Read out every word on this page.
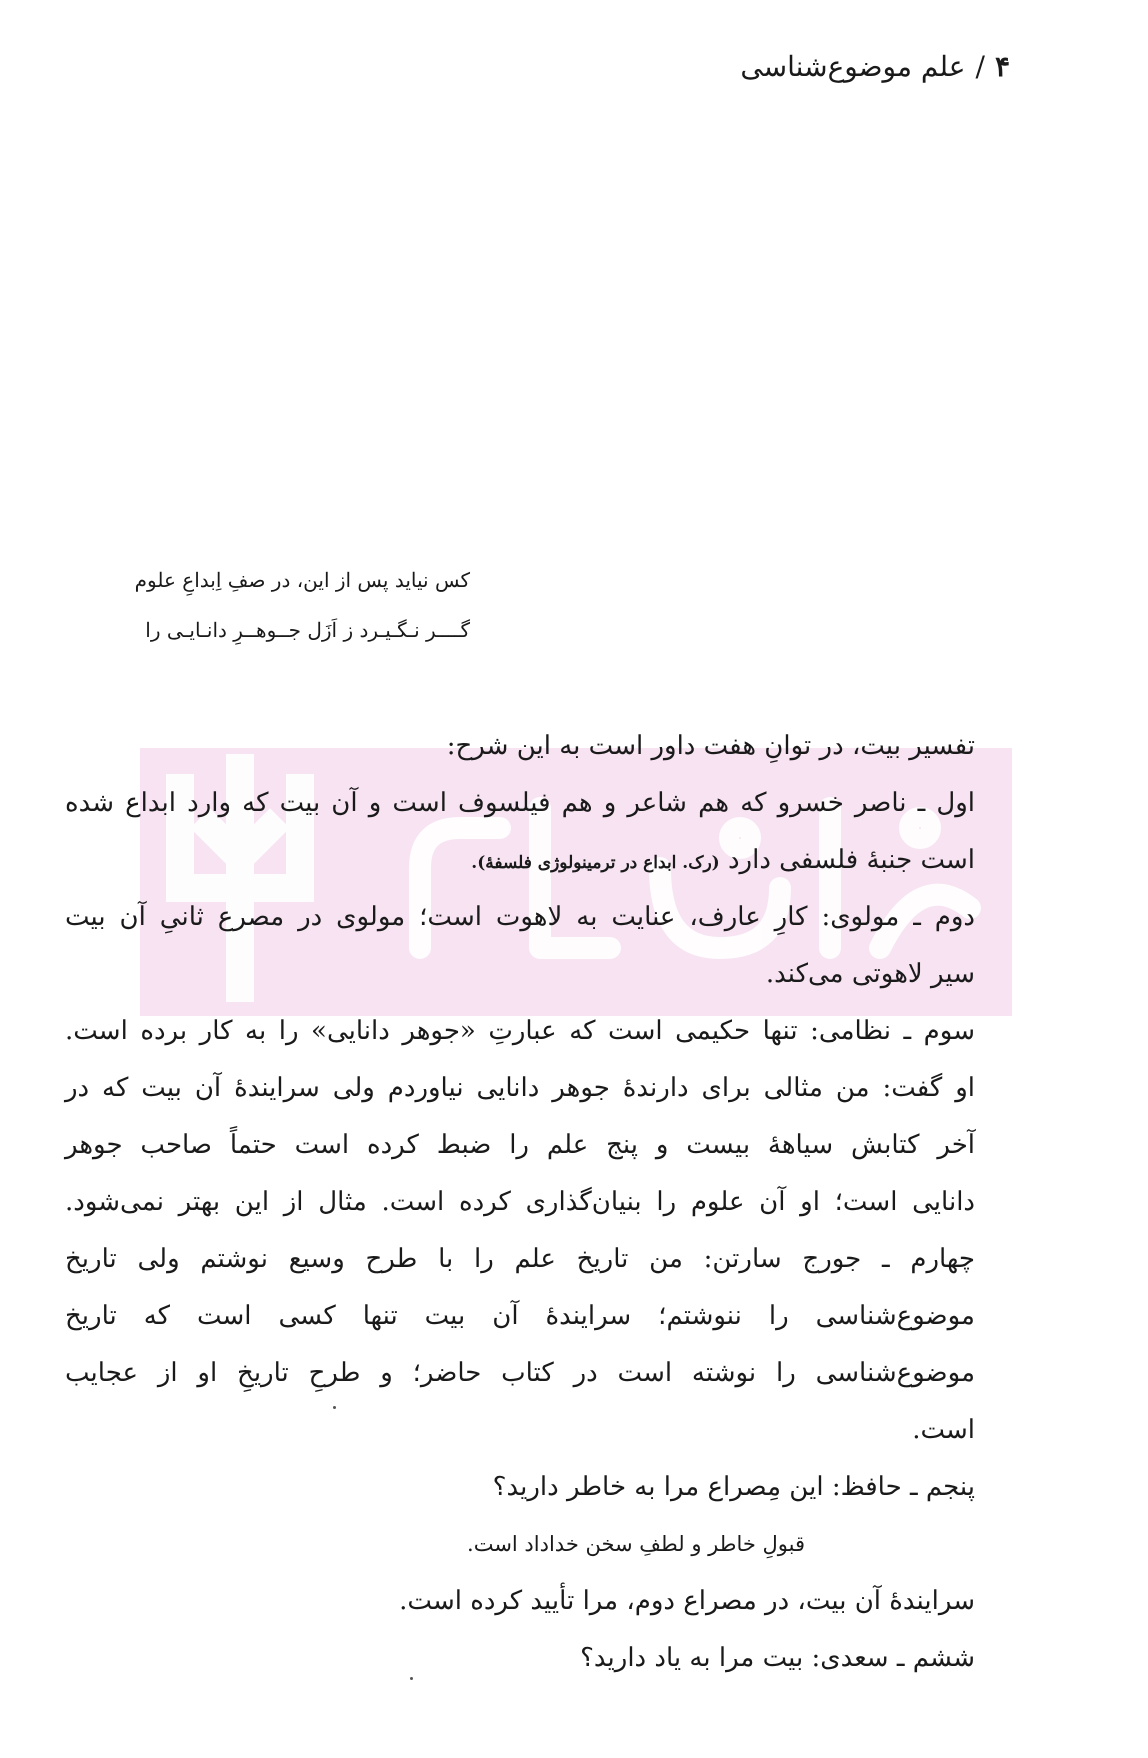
۴/علم موضوع‌شناسی
کس نیاید پس از این، در صفِ اِبداعِ علوم
گــــر نـگـیـرد ز اَزَل جــوهــرِ دانـایـی را
دابازار	تفسیر بیت، در توانِ هفت داور است به این شرح:
اول ـ ناصر خسرو که هم شاعر و هم فیلسوف است و آن بیت که وارد ابداع شده
است جنبهٔ فلسفی دارد (رک. ابداع در ترمینولوژی فلسفهٔ).
دوم ـ مولوی: کارِ عارف، عنایت به لاهوت است؛ مولوی در مصرع ثانیِ آن بیت
سیر لاهوتی می‌کند.
سوم ـ نظامی: تنها حکیمی است که عبارتِ «جوهر دانایی» را به کار برده است.
او گفت: من مثالی برای دارندهٔ جوهر دانایی نیاوردم ولی سرایندهٔ آن بیت که در
آخر کتابش سیاههٔ بیست و پنج علم را ضبط کرده است حتماً صاحب جوهر
دانایی است؛ او آن علوم را بنیان‌گذاری کرده است. مثال از این بهتر نمی‌شود.
چهارم ـ جورج سارتن: من تاریخ علم را با طرح وسیع نوشتم ولی تاریخ
موضوع‌شناسی را ننوشتم؛ سرایندهٔ آن بیت تنها کسی است که تاریخ
موضوع‌شناسی را نوشته است در کتاب حاضر؛ و طرحِ تاریخِ او از عجایب
است.
پنجم ـ حافظ: این مِصراع مرا به خاطر دارید؟
قبولِ خاطر و لطفِ سخن خداداد است.
سرایندهٔ آن بیت، در مصراع دوم، مرا تأیید کرده است.
ششم ـ سعدی: بیت مرا به یاد دارید؟
